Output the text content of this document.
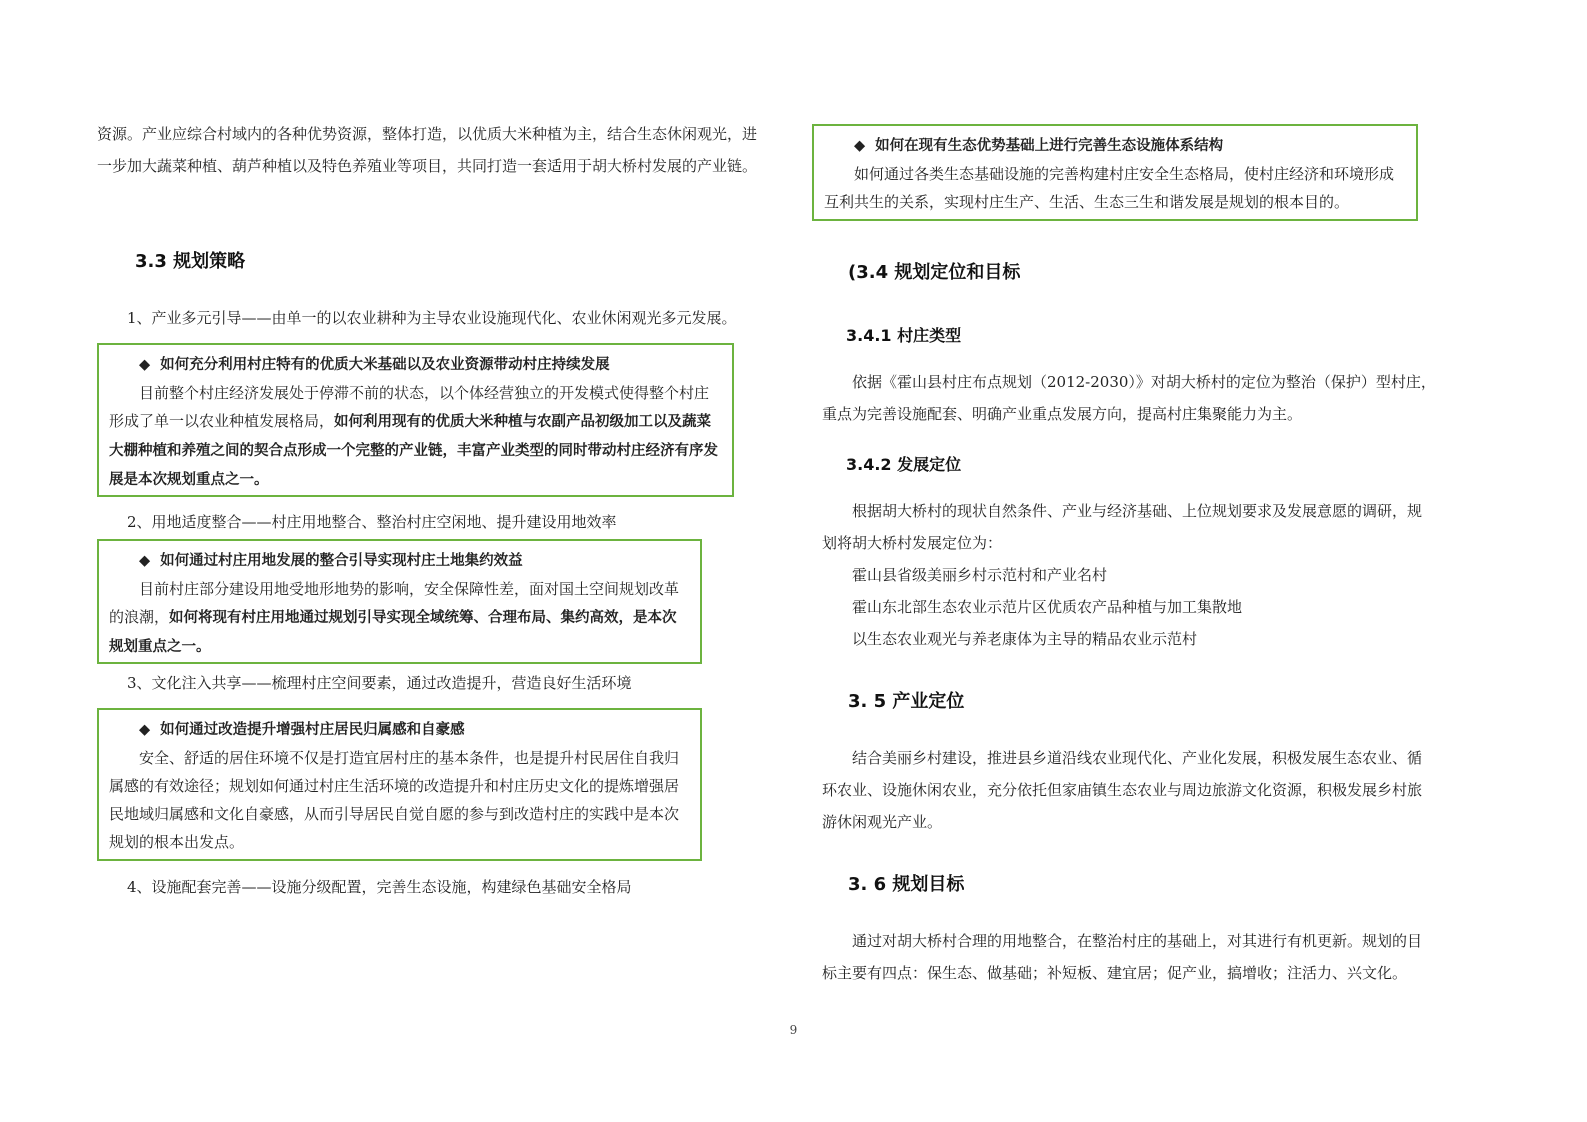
资源。产业应综合村域内的各种优势资源，整体打造，以优质大米种植为主，结合生态休闲观光，进一步加大蔬菜种植、葫芦种植以及特色养殖业等项目，共同打造一套适用于胡大桥村发展的产业链。

3.3 规划策略

1、产业多元引导——由单一的以农业耕种为主导农业设施现代化、农业休闲观光多元发展。

◆ 如何充分利用村庄特有的优质大米基础以及农业资源带动村庄持续发展

目前整个村庄经济发展处于停滞不前的状态，以个体经营独立的开发模式使得整个村庄形成了单一以农业种植发展格局，如何利用现有的优质大米种植与农副产品初级加工以及蔬菜大棚种植和养殖之间的契合点形成一个完整的产业链，丰富产业类型的同时带动村庄经济有序发展是本次规划重点之一。

2、用地适度整合——村庄用地整合、整治村庄空闲地、提升建设用地效率

◆ 如何通过村庄用地发展的整合引导实现村庄土地集约效益

目前村庄部分建设用地受地形地势的影响，安全保障性差，面对国土空间规划改革的浪潮，如何将现有村庄用地通过规划引导实现全域统筹、合理布局、集约高效，是本次规划重点之一。

3、文化注入共享——梳理村庄空间要素，通过改造提升，营造良好生活环境

◆ 如何通过改造提升增强村庄居民归属感和自豪感

安全、舒适的居住环境不仅是打造宜居村庄的基本条件，也是提升村民居住自我归属感的有效途径；规划如何通过村庄生活环境的改造提升和村庄历史文化的提炼增强居民地域归属感和文化自豪感，从而引导居民自觉自愿的参与到改造村庄的实践中是本次规划的根本出发点。

4、设施配套完善——设施分级配置，完善生态设施，构建绿色基础安全格局

◆ 如何在现有生态优势基础上进行完善生态设施体系结构

如何通过各类生态基础设施的完善构建村庄安全生态格局，使村庄经济和环境形成互利共生的关系，实现村庄生产、生活、生态三生和谐发展是规划的根本目的。

(3.4 规划定位和目标
3.4.1 村庄类型

依据《霍山县村庄布点规划（2012-2030）》对胡大桥村的定位为整治（保护）型村庄，重点为完善设施配套、明确产业重点发展方向，提高村庄集聚能力为主。

3.4.2 发展定位

根据胡大桥村的现状自然条件、产业与经济基础、上位规划要求及发展意愿的调研，规划将胡大桥村发展定位为：

霍山县省级美丽乡村示范村和产业名村

霍山东北部生态农业示范片区优质农产品种植与加工集散地

以生态农业观光与养老康体为主导的精品农业示范村

3. 5 产业定位

结合美丽乡村建设，推进县乡道沿线农业现代化、产业化发展，积极发展生态农业、循环农业、设施休闲农业，充分依托但家庙镇生态农业与周边旅游文化资源，积极发展乡村旅游休闲观光产业。

3. 6 规划目标

通过对胡大桥村合理的用地整合，在整治村庄的基础上，对其进行有机更新。规划的目标主要有四点：保生态、做基础；补短板、建宜居；促产业，搞增收；注活力、兴文化。

9
